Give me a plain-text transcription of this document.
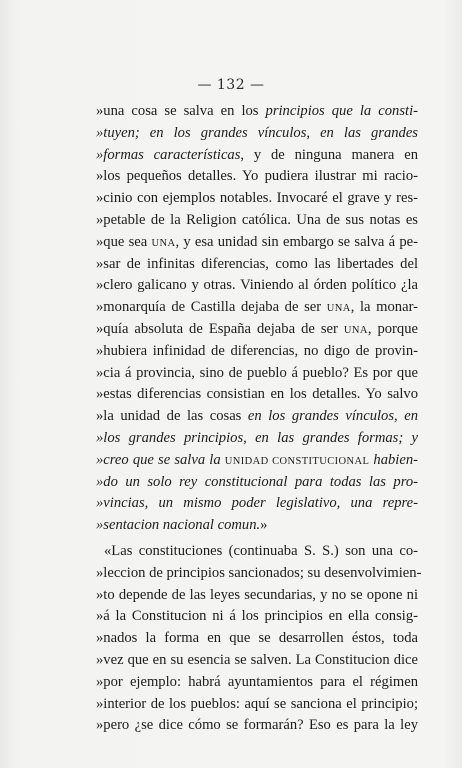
— 132 —
»una cosa se salva en los principios que la consti-
»tuyen; en los grandes vínculos, en las grandes
»formas características, y de ninguna manera en
»los pequeños detalles. Yo pudiera ilustrar mi racio-
»cinio con ejemplos notables. Invocaré el grave y res-
»petable de la Religion católica. Una de sus notas es
»que sea UNA, y esa unidad sin embargo se salva á pe-
»sar de infinitas diferencias, como las libertades del
»clero galicano y otras. Viniendo al órden político ¿la
»monarquía de Castilla dejaba de ser UNA, la monar-
»quía absoluta de España dejaba de ser UNA, porque
»hubiera infinidad de diferencias, no digo de provin-
»cia á provincia, sino de pueblo á pueblo? Es por que
»estas diferencias consistian en los detalles. Yo salvo
»la unidad de las cosas en los grandes vínculos, en
»los grandes principios, en las grandes formas; y
»creo que se salva la UNIDAD CONSTITUCIONAL habien-
»do un solo rey constitucional para todas las pro-
»vincias, un mismo poder legislativo, una repre-
»sentacion nacional comun.»
«Las constituciones (continuaba S. S.) son una co-
»leccion de principios sancionados; su desenvolvimien-
»to depende de las leyes secundarias, y no se opone ni
»á la Constitucion ni á los principios en ella consig-
»nados la forma en que se desarrollen éstos, toda
»vez que en su esencia se salven. La Constitucion dice
»por ejemplo: habrá ayuntamientos para el régimen
»interior de los pueblos: aquí se sanciona el principio;
»pero ¿se dice cómo se formarán? Eso es para la ley
